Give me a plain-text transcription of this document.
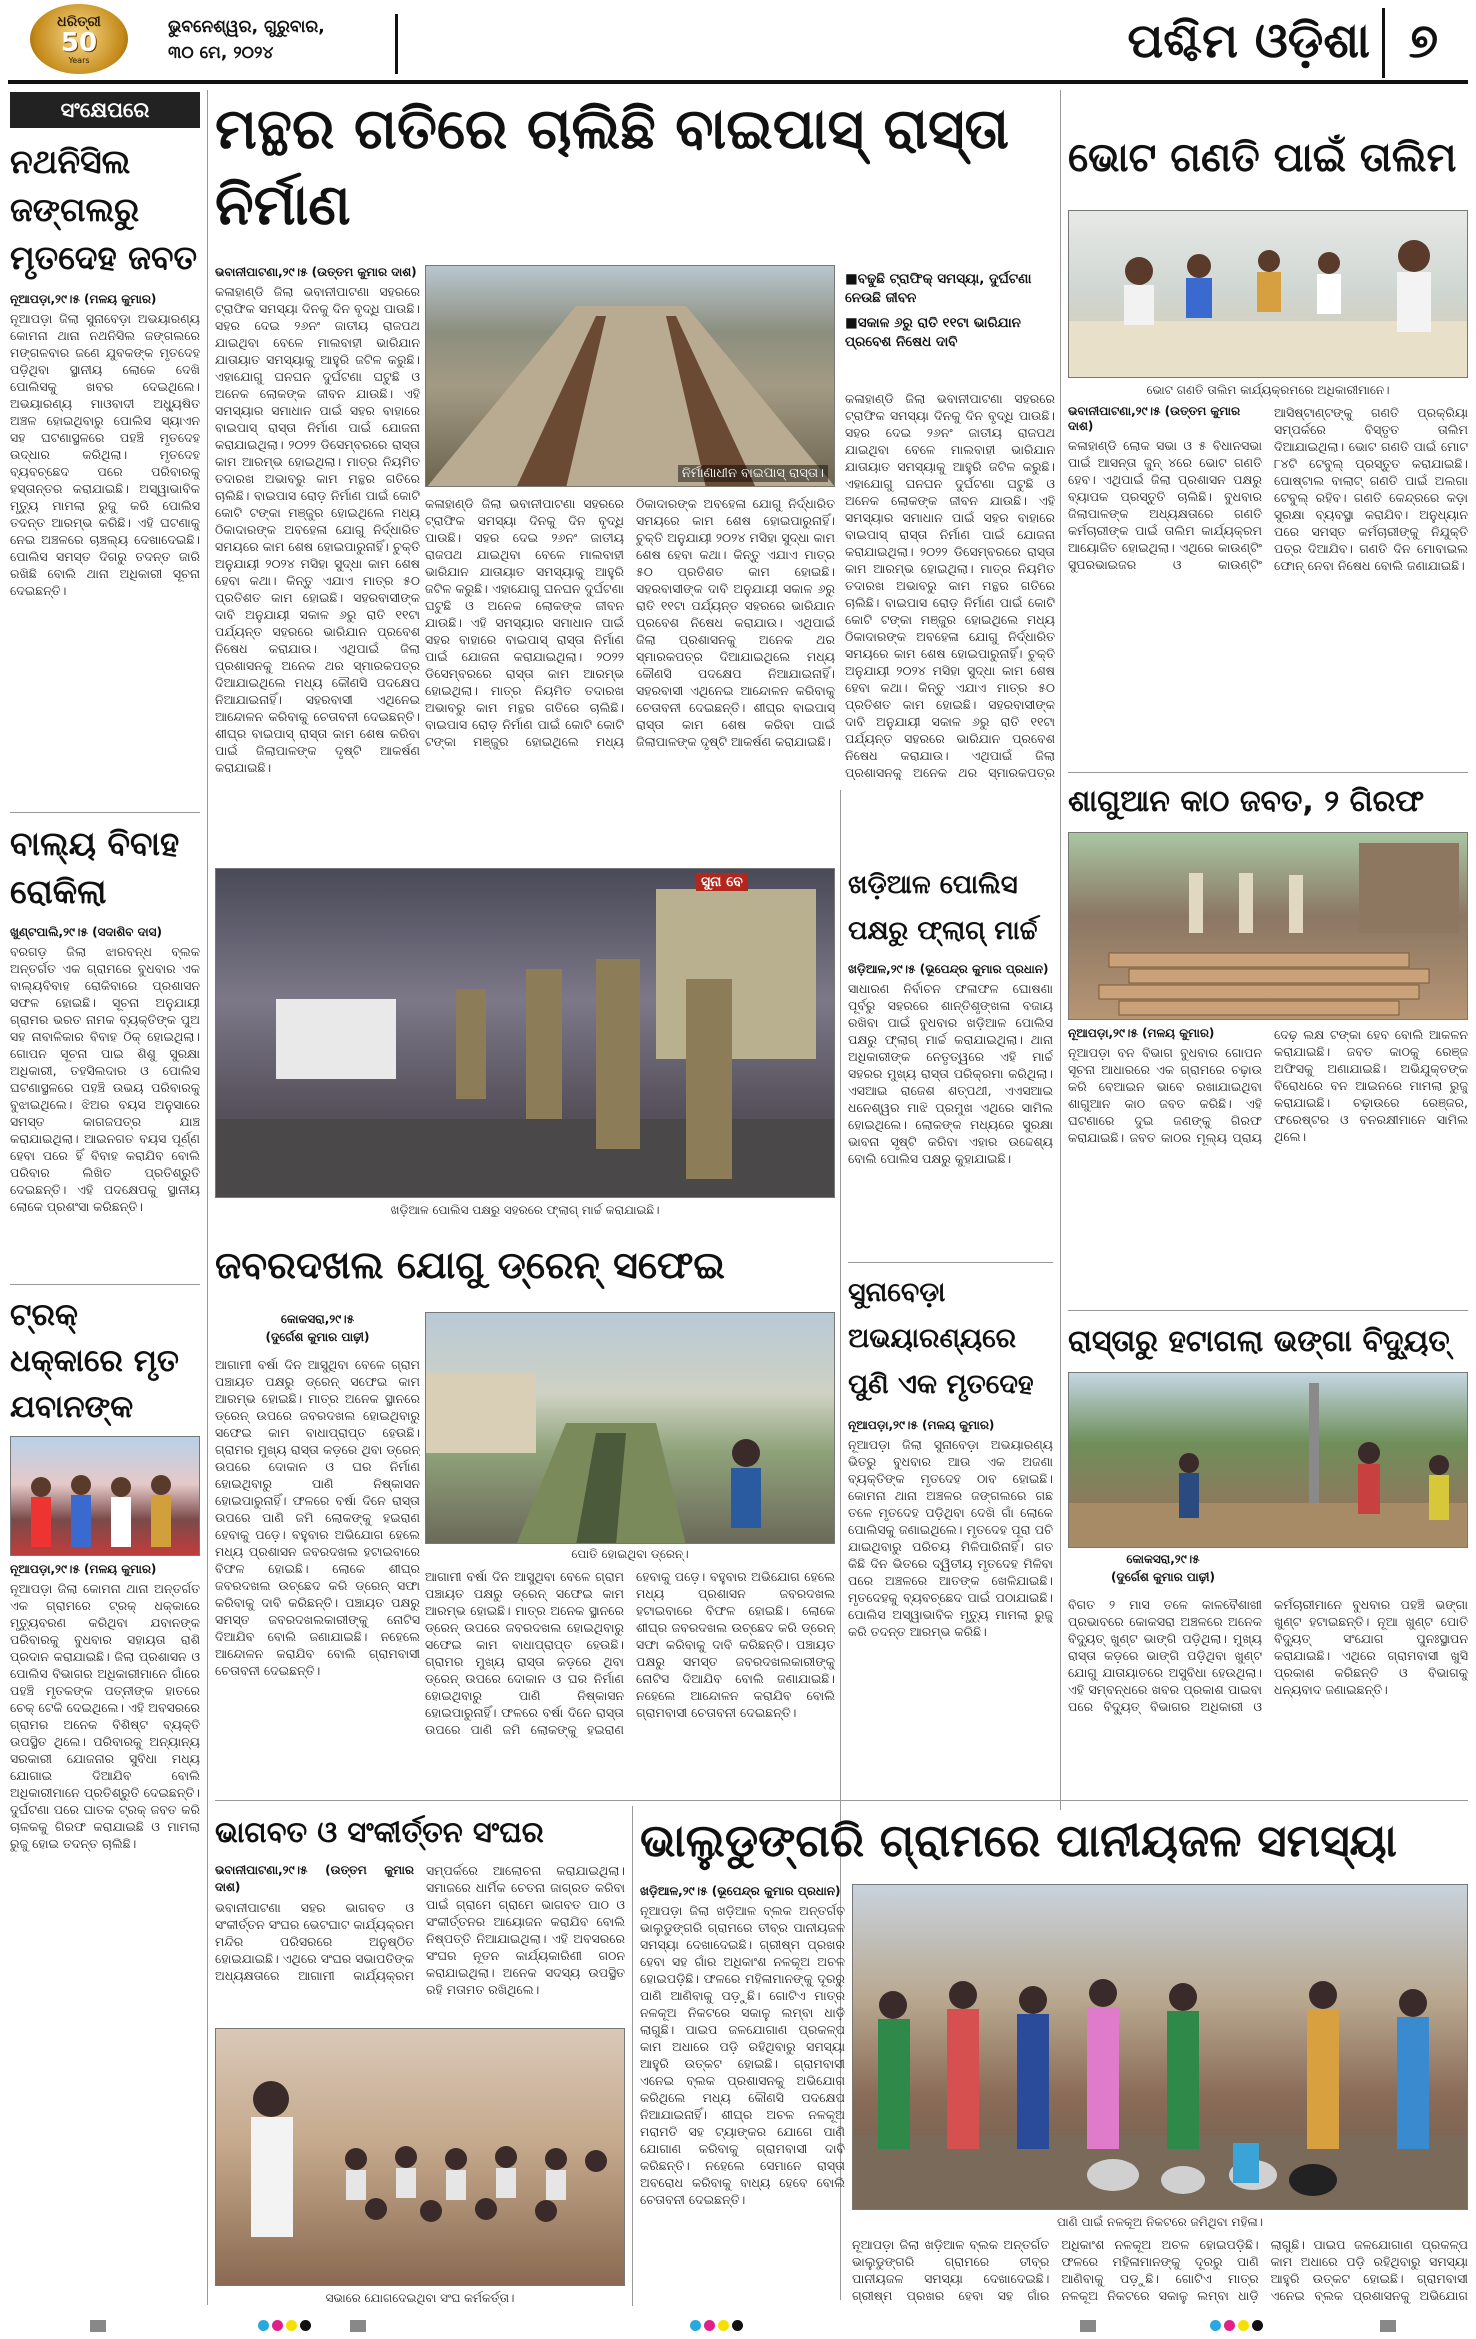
ଧରିତ୍ରୀ
50
Years
ଭୁବନେଶ୍ୱର, ଗୁରୁବାର,
୩୦ ମେ, ୨୦୨୪	ପଶ୍ଚିମ ଓଡ଼ିଶା ୭
ସଂକ୍ଷେପରେ
ନଥନିସିଲ ଜଙ୍ଗଲରୁ ମୃତଦେହ ଜବତ
ନୂଆପଡ଼ା,୨୯।୫ (ମଳୟ କୁମାର)
ନୂଆପଡ଼ା ଜିଲା ସୁନାବେଡ଼ା ଅଭୟାରଣ୍ୟ କୋମନା ଥାନା ନଥନିସିଲ ଜଙ୍ଗଲରେ ମଙ୍ଗଳବାର ଜଣେ ଯୁବକଙ୍କ ମୃତଦେହ ପଡ଼ିଥିବା ସ୍ଥାନୀୟ ଲୋକେ ଦେଖି ପୋଲିସକୁ ଖବର ଦେଇଥିଲେ। ଅଭୟାରଣ୍ୟ ମାଓବାଦୀ ଅଧ୍ୟୁଷିତ ଅଞ୍ଚଳ ହୋଇଥିବାରୁ ପୋଲିସ ସ୍ୟାଏନ ସହ ଘଟଣାସ୍ଥଳରେ ପହଞ୍ଚି ମୃତଦେହ ଉଦ୍ଧାର କରିଥିଲା। ମୃତଦେହ ବ୍ୟବଚ୍ଛେଦ ପରେ ପରିବାରକୁ ହସ୍ତାନ୍ତର କରାଯାଇଛି। ଅସ୍ୱାଭାବିକ ମୃତ୍ୟୁ ମାମଲା ରୁଜୁ କରି ପୋଲିସ ତଦନ୍ତ ଆରମ୍ଭ କରିଛି। ଏହି ଘଟଣାକୁ ନେଇ ଅଞ୍ଚଳରେ ଚାଞ୍ଚଲ୍ୟ ଦେଖାଦେଇଛି। ପୋଲିସ ସମସ୍ତ ଦିଗରୁ ତଦନ୍ତ ଜାରି ରଖିଛି ବୋଲି ଥାନା ଅଧିକାରୀ ସୂଚନା ଦେଇଛନ୍ତି।
ବାଲ୍ୟ ବିବାହ ରୋକିଲା
ଖୁଣ୍ଟପାଲି,୨୯।୫ (ସଦାଶିବ ଦାସ)
ବରଗଡ଼ ଜିଲା ଝାରବନ୍ଧ ବ୍ଲକ ଅନ୍ତର୍ଗତ ଏକ ଗ୍ରାମରେ ବୁଧବାର ଏକ ବାଲ୍ୟବିବାହ ରୋକିବାରେ ପ୍ରଶାସନ ସଫଳ ହୋଇଛି। ସୂଚନା ଅନୁଯାୟୀ ଗ୍ରାମର ଭରତ ନାମକ ବ୍ୟକ୍ତିଙ୍କ ପୁଅ ସହ ନାବାଳିକାର ବିବାହ ଠିକ୍ ହୋଇଥିଲା। ଗୋପନ ସୂଚନା ପାଇ ଶିଶୁ ସୁରକ୍ଷା ଅଧିକାରୀ, ତହସିଲଦାର ଓ ପୋଲିସ ଘଟଣାସ୍ଥଳରେ ପହଞ୍ଚି ଉଭୟ ପରିବାରକୁ ବୁଝାଇଥିଲେ। ଝିଅର ବୟସ ଅନୁସାରେ ସମସ୍ତ କାଗଜପତ୍ର ଯାଞ୍ଚ କରାଯାଇଥିଲା। ଆଇନଗତ ବୟସ ପୂର୍ଣ୍ଣ ହେବା ପରେ ହିଁ ବିବାହ କରାଯିବ ବୋଲି ପରିବାର ଲିଖିତ ପ୍ରତିଶ୍ରୁତି ଦେଇଛନ୍ତି। ଏହି ପଦକ୍ଷେପକୁ ସ୍ଥାନୀୟ ଲୋକେ ପ୍ରଶଂସା କରିଛନ୍ତି।
ଟ୍ରକ୍ ଧକ୍କାରେ ମୃତ ଯବାନଙ୍କ
ନୂଆପଡ଼ା,୨୯।୫ (ମଳୟ କୁମାର)
ନୂଆପଡ଼ା ଜିଲା କୋମନା ଥାନା ଅନ୍ତର୍ଗତ ଏକ ଗ୍ରାମରେ ଟ୍ରକ୍ ଧକ୍କାରେ ମୃତ୍ୟୁବରଣ କରିଥିବା ଯବାନଙ୍କ ପରିବାରକୁ ବୁଧବାର ସହାୟତା ରାଶି ପ୍ରଦାନ କରାଯାଇଛି। ଜିଲା ପ୍ରଶାସନ ଓ ପୋଲିସ ବିଭାଗର ଅଧିକାରୀମାନେ ଗାଁରେ ପହଞ୍ଚି ମୃତକଙ୍କ ପତ୍ନୀଙ୍କ ହାତରେ ଚେକ୍ ଟେକି ଦେଇଥିଲେ। ଏହି ଅବସରରେ ଗ୍ରାମର ଅନେକ ବିଶିଷ୍ଟ ବ୍ୟକ୍ତି ଉପସ୍ଥିତ ଥିଲେ। ପରିବାରକୁ ଅନ୍ୟାନ୍ୟ ସରକାରୀ ଯୋଜନାର ସୁବିଧା ମଧ୍ୟ ଯୋଗାଇ ଦିଆଯିବ ବୋଲି ଅଧିକାରୀମାନେ ପ୍ରତିଶ୍ରୁତି ଦେଇଛନ୍ତି। ଦୁର୍ଘଟଣା ପରେ ଘାତକ ଟ୍ରକ୍ ଜବତ କରି ଚାଳକକୁ ଗିରଫ କରାଯାଇଛି ଓ ମାମଲା ରୁଜୁ ହୋଇ ତଦନ୍ତ ଚାଲିଛି।
ମନ୍ଥର ଗତିରେ ଚାଲିଛି ବାଇପାସ୍ ରାସ୍ତା ନିର୍ମାଣ
ନିର୍ମାଣାଧୀନ ବାଇପାସ୍ ରାସ୍ତା।
■ ବଢୁଛି ଟ୍ରାଫିକ୍ ସମସ୍ୟା, ଦୁର୍ଘଟଣା ନେଉଛି ଜୀବନ
■ ସକାଳ ୬ରୁ ରାତି ୧୧ଟା ଭାରିଯାନ ପ୍ରବେଶ ନିଷେଧ ଦାବି
ଭବାନୀପାଟଣା,୨୯।୫ (ଉତ୍ତମ କୁମାର ଦାଶ)
କଳାହାଣ୍ଡି ଜିଲା ଭବାନୀପାଟଣା ସହରରେ ଟ୍ରାଫିକ ସମସ୍ୟା ଦିନକୁ ଦିନ ବୃଦ୍ଧି ପାଉଛି। ସହର ଦେଇ ୨୬ନଂ ଜାତୀୟ ରାଜପଥ ଯାଇଥିବା ବେଳେ ମାଲବାହୀ ଭାରିଯାନ ଯାତାୟାତ ସମସ୍ୟାକୁ ଆହୁରି ଜଟିଳ କରୁଛି। ଏହାଯୋଗୁ ଘନଘନ ଦୁର୍ଘଟଣା ଘଟୁଛି ଓ ଅନେକ ଲୋକଙ୍କ ଜୀବନ ଯାଉଛି। ଏହି ସମସ୍ୟାର ସମାଧାନ ପାଇଁ ସହର ବାହାରେ ବାଇପାସ୍ ରାସ୍ତା ନିର୍ମାଣ ପାଇଁ ଯୋଜନା କରାଯାଇଥିଲା। ୨୦୨୨ ଡିସେମ୍ବରରେ ରାସ୍ତା କାମ ଆରମ୍ଭ ହୋଇଥିଲା। ମାତ୍ର ନିୟମିତ ତଦାରଖ ଅଭାବରୁ କାମ ମନ୍ଥର ଗତିରେ ଚାଲିଛି। ବାଇପାସ ରୋଡ଼ ନିର୍ମାଣ ପାଇଁ କୋଟି କୋଟି ଟଙ୍କା ମଞ୍ଜୁର ହୋଇଥିଲେ ମଧ୍ୟ ଠିକାଦାରଙ୍କ ଅବହେଳା ଯୋଗୁ ନିର୍ଦ୍ଧାରିତ ସମୟରେ କାମ ଶେଷ ହୋଇପାରୁନାହିଁ। ଚୁକ୍ତି ଅନୁଯାୟୀ ୨୦୨୪ ମସିହା ସୁଦ୍ଧା କାମ ଶେଷ ହେବା କଥା। କିନ୍ତୁ ଏଯାଏ ମାତ୍ର ୫୦ ପ୍ରତିଶତ କାମ ହୋଇଛି। ସହରବାସୀଙ୍କ ଦାବି ଅନୁଯାୟୀ ସକାଳ ୬ରୁ ରାତି ୧୧ଟା ପର୍ଯ୍ୟନ୍ତ ସହରରେ ଭାରିଯାନ ପ୍ରବେଶ ନିଷେଧ କରାଯାଉ। ଏଥିପାଇଁ ଜିଲା ପ୍ରଶାସନକୁ ଅନେକ ଥର ସ୍ମାରକପତ୍ର ଦିଆଯାଇଥିଲେ ମଧ୍ୟ କୌଣସି ପଦକ୍ଷେପ ନିଆଯାଇନାହିଁ। ସହରବାସୀ ଏଥିନେଇ ଆନ୍ଦୋଳନ କରିବାକୁ ଚେତାବନୀ ଦେଇଛନ୍ତି। ଶୀଘ୍ର ବାଇପାସ୍ ରାସ୍ତା କାମ ଶେଷ କରିବା ପାଇଁ ଜିଲାପାଳଙ୍କ ଦୃଷ୍ଟି ଆକର୍ଷଣ କରାଯାଇଛି।
କଳାହାଣ୍ଡି ଜିଲା ଭବାନୀପାଟଣା ସହରରେ ଟ୍ରାଫିକ ସମସ୍ୟା ଦିନକୁ ଦିନ ବୃଦ୍ଧି ପାଉଛି। ସହର ଦେଇ ୨୬ନଂ ଜାତୀୟ ରାଜପଥ ଯାଇଥିବା ବେଳେ ମାଲବାହୀ ଭାରିଯାନ ଯାତାୟାତ ସମସ୍ୟାକୁ ଆହୁରି ଜଟିଳ କରୁଛି। ଏହାଯୋଗୁ ଘନଘନ ଦୁର୍ଘଟଣା ଘଟୁଛି ଓ ଅନେକ ଲୋକଙ୍କ ଜୀବନ ଯାଉଛି। ଏହି ସମସ୍ୟାର ସମାଧାନ ପାଇଁ ସହର ବାହାରେ ବାଇପାସ୍ ରାସ୍ତା ନିର୍ମାଣ ପାଇଁ ଯୋଜନା କରାଯାଇଥିଲା। ୨୦୨୨ ଡିସେମ୍ବରରେ ରାସ୍ତା କାମ ଆରମ୍ଭ ହୋଇଥିଲା। ମାତ୍ର ନିୟମିତ ତଦାରଖ ଅଭାବରୁ କାମ ମନ୍ଥର ଗତିରେ ଚାଲିଛି। ବାଇପାସ ରୋଡ଼ ନିର୍ମାଣ ପାଇଁ କୋଟି କୋଟି ଟଙ୍କା ମଞ୍ଜୁର ହୋଇଥିଲେ ମଧ୍ୟ ଠିକାଦାରଙ୍କ ଅବହେଳା ଯୋଗୁ ନିର୍ଦ୍ଧାରିତ ସମୟରେ କାମ ଶେଷ ହୋଇପାରୁନାହିଁ। ଚୁକ୍ତି ଅନୁଯାୟୀ ୨୦୨୪ ମସିହା ସୁଦ୍ଧା କାମ ଶେଷ ହେବା କଥା। କିନ୍ତୁ ଏଯାଏ ମାତ୍ର ୫୦ ପ୍ରତିଶତ କାମ ହୋଇଛି। ସହରବାସୀଙ୍କ ଦାବି ଅନୁଯାୟୀ ସକାଳ ୬ରୁ ରାତି ୧୧ଟା ପର୍ଯ୍ୟନ୍ତ ସହରରେ ଭାରିଯାନ ପ୍ରବେଶ ନିଷେଧ କରାଯାଉ। ଏଥିପାଇଁ ଜିଲା ପ୍ରଶାସନକୁ ଅନେକ ଥର ସ୍ମାରକପତ୍ର ଦିଆଯାଇଥିଲେ ମଧ୍ୟ କୌଣସି ପଦକ୍ଷେପ ନିଆଯାଇନାହିଁ। ସହରବାସୀ ଏଥିନେଇ ଆନ୍ଦୋଳନ କରିବାକୁ ଚେତାବନୀ ଦେଇଛନ୍ତି। ଶୀଘ୍ର ବାଇପାସ୍ ରାସ୍ତା କାମ ଶେଷ କରିବା ପାଇଁ ଜିଲାପାଳଙ୍କ ଦୃଷ୍ଟି ଆକର୍ଷଣ କରାଯାଇଛି।
କଳାହାଣ୍ଡି ଜିଲା ଭବାନୀପାଟଣା ସହରରେ ଟ୍ରାଫିକ ସମସ୍ୟା ଦିନକୁ ଦିନ ବୃଦ୍ଧି ପାଉଛି। ସହର ଦେଇ ୨୬ନଂ ଜାତୀୟ ରାଜପଥ ଯାଇଥିବା ବେଳେ ମାଲବାହୀ ଭାରିଯାନ ଯାତାୟାତ ସମସ୍ୟାକୁ ଆହୁରି ଜଟିଳ କରୁଛି। ଏହାଯୋଗୁ ଘନଘନ ଦୁର୍ଘଟଣା ଘଟୁଛି ଓ ଅନେକ ଲୋକଙ୍କ ଜୀବନ ଯାଉଛି। ଏହି ସମସ୍ୟାର ସମାଧାନ ପାଇଁ ସହର ବାହାରେ ବାଇପାସ୍ ରାସ୍ତା ନିର୍ମାଣ ପାଇଁ ଯୋଜନା କରାଯାଇଥିଲା। ୨୦୨୨ ଡିସେମ୍ବରରେ ରାସ୍ତା କାମ ଆରମ୍ଭ ହୋଇଥିଲା। ମାତ୍ର ନିୟମିତ ତଦାରଖ ଅଭାବରୁ କାମ ମନ୍ଥର ଗତିରେ ଚାଲିଛି। ବାଇପାସ ରୋଡ଼ ନିର୍ମାଣ ପାଇଁ କୋଟି କୋଟି ଟଙ୍କା ମଞ୍ଜୁର ହୋଇଥିଲେ ମଧ୍ୟ ଠିକାଦାରଙ୍କ ଅବହେଳା ଯୋଗୁ ନିର୍ଦ୍ଧାରିତ ସମୟରେ କାମ ଶେଷ ହୋଇପାରୁନାହିଁ। ଚୁକ୍ତି ଅନୁଯାୟୀ ୨୦୨୪ ମସିହା ସୁଦ୍ଧା କାମ ଶେଷ ହେବା କଥା। କିନ୍ତୁ ଏଯାଏ ମାତ୍ର ୫୦ ପ୍ରତିଶତ କାମ ହୋଇଛି। ସହରବାସୀଙ୍କ ଦାବି ଅନୁଯାୟୀ ସକାଳ ୬ରୁ ରାତି ୧୧ଟା ପର୍ଯ୍ୟନ୍ତ ସହରରେ ଭାରିଯାନ ପ୍ରବେଶ ନିଷେଧ କରାଯାଉ। ଏଥିପାଇଁ ଜିଲା ପ୍ରଶାସନକୁ ଅନେକ ଥର ସ୍ମାରକପତ୍ର
ଭୋଟ ଗଣତି ପାଇଁ ତାଲିମ
ଭୋଟ ଗଣତି ତାଲିମ କାର୍ଯ୍ୟକ୍ରମରେ ଅଧିକାରୀମାନେ।
ଭବାନୀପାଟଣା,୨୯।୫ (ଉତ୍ତମ କୁମାର ଦାଶ)
କଳାହାଣ୍ଡି ଲୋକ ସଭା ଓ ୫ ବିଧାନସଭା ପାଇଁ ଆସନ୍ତା ଜୁନ୍ ୪ରେ ଭୋଟ ଗଣତି ହେବ। ଏଥିପାଇଁ ଜିଲା ପ୍ରଶାସନ ପକ୍ଷରୁ ବ୍ୟାପକ ପ୍ରସ୍ତୁତି ଚାଲିଛି। ବୁଧବାର ଜିଲାପାଳଙ୍କ ଅଧ୍ୟକ୍ଷତାରେ ଗଣତି କର୍ମଚାରୀଙ୍କ ପାଇଁ ତାଲିମ କାର୍ଯ୍ୟକ୍ରମ ଆୟୋଜିତ ହୋଇଥିଲା। ଏଥିରେ କାଉଣ୍ଟିଂ ସୁପରଭାଇଜର ଓ କାଉଣ୍ଟିଂ ଆସିଷ୍ଟାଣ୍ଟଙ୍କୁ ଗଣତି ପ୍ରକ୍ରିୟା ସମ୍ପର୍କରେ ବିସ୍ତୃତ ତାଲିମ ଦିଆଯାଇଥିଲା। ଭୋଟ ଗଣତି ପାଇଁ ମୋଟ ୮୪ଟି ଟେବୁଲ୍ ପ୍ରସ୍ତୁତ କରାଯାଇଛି। ପୋଷ୍ଟାଲ ବାଲାଟ୍ ଗଣତି ପାଇଁ ଅଲଗା ଟେବୁଲ୍ ରହିବ। ଗଣତି କେନ୍ଦ୍ରରେ କଡ଼ା ସୁରକ୍ଷା ବ୍ୟବସ୍ଥା କରାଯିବ। ଅନୁଧ୍ୟାନ ପରେ ସମସ୍ତ କର୍ମଚାରୀଙ୍କୁ ନିଯୁକ୍ତି ପତ୍ର ଦିଆଯିବ। ଗଣତି ଦିନ ମୋବାଇଲ ଫୋନ୍ ନେବା ନିଷେଧ ବୋଲି ଜଣାଯାଇଛି।
ଶାଗୁଆନ କାଠ ଜବତ, ୨ ଗିରଫ
ନୂଆପଡ଼ା,୨୯।୫ (ମଳୟ କୁମାର)
ନୂଆପଡ଼ା ବନ ବିଭାଗ ବୁଧବାର ଗୋପନ ସୂଚନା ଆଧାରରେ ଏକ ଗ୍ରାମରେ ଚଢ଼ାଉ କରି ବେଆଇନ ଭାବେ ରଖାଯାଇଥିବା ଶାଗୁଆନ କାଠ ଜବତ କରିଛି। ଏହି ଘଟଣାରେ ଦୁଇ ଜଣଙ୍କୁ ଗିରଫ କରାଯାଇଛି। ଜବତ କାଠର ମୂଲ୍ୟ ପ୍ରାୟ ଦେଢ଼ ଲକ୍ଷ ଟଙ୍କା ହେବ ବୋଲି ଆକଳନ କରାଯାଇଛି। ଜବତ କାଠକୁ ରେଞ୍ଜ ଅଫିସକୁ ଅଣାଯାଇଛି। ଅଭିଯୁକ୍ତଙ୍କ ବିରୋଧରେ ବନ ଆଇନରେ ମାମଲା ରୁଜୁ କରାଯାଇଛି। ଚଢ଼ାଉରେ ରେଞ୍ଜର, ଫରେଷ୍ଟର ଓ ବନରକ୍ଷୀମାନେ ସାମିଲ ଥିଲେ।
ସୁନା ବେ
ଖଡ଼ିଆଳ ପୋଲିସ ପକ୍ଷରୁ ସହରରେ ଫ୍ଲାଗ୍ ମାର୍ଚ୍ଚ କରାଯାଇଛି।
ଖଡ଼ିଆଳ ପୋଲିସ ପକ୍ଷରୁ ଫ୍ଲାଗ୍ ମାର୍ଚ୍ଚ
ଖଡ଼ିଆଳ,୨୯।୫ (ଭୂପେନ୍ଦ୍ର କୁମାର ପ୍ରଧାନ)
ସାଧାରଣ ନିର୍ବାଚନ ଫଳାଫଳ ଘୋଷଣା ପୂର୍ବରୁ ସହରରେ ଶାନ୍ତିଶୃଙ୍ଖଳା ବଜାୟ ରଖିବା ପାଇଁ ବୁଧବାର ଖଡ଼ିଆଳ ପୋଲିସ ପକ୍ଷରୁ ଫ୍ଲାଗ୍ ମାର୍ଚ୍ଚ କରାଯାଇଥିଲା। ଥାନା ଅଧିକାରୀଙ୍କ ନେତୃତ୍ୱରେ ଏହି ମାର୍ଚ୍ଚ ସହରର ମୁଖ୍ୟ ରାସ୍ତା ପରିକ୍ରମା କରିଥିଲା। ଏସଆଇ ରାଜେଶ ଶତ୍ପଥୀ, ଏଏସଆଇ ଧନେଶ୍ୱର ମାଝି ପ୍ରମୁଖ ଏଥିରେ ସାମିଲ ହୋଇଥିଲେ। ଲୋକଙ୍କ ମଧ୍ୟରେ ସୁରକ୍ଷା ଭାବନା ସୃଷ୍ଟି କରିବା ଏହାର ଉଦ୍ଦେଶ୍ୟ ବୋଲି ପୋଲିସ ପକ୍ଷରୁ କୁହାଯାଇଛି।
ଜବରଦଖଲ ଯୋଗୁ ଡ୍ରେନ୍ ସଫେଇ
କୋକସରା,୨୯।୫
(ଦୁର୍ଗେଶ କୁମାର ପାଢ଼ୀ)
ପୋତି ହୋଇଥିବା ଡ୍ରେନ୍।
ଆଗାମୀ ବର୍ଷା ଦିନ ଆସୁଥିବା ବେଳେ ଗ୍ରାମ ପଞ୍ଚାୟତ ପକ୍ଷରୁ ଡ୍ରେନ୍ ସଫେଇ କାମ ଆରମ୍ଭ ହୋଇଛି। ମାତ୍ର ଅନେକ ସ୍ଥାନରେ ଡ୍ରେନ୍ ଉପରେ ଜବରଦଖଲ ହୋଇଥିବାରୁ ସଫେଇ କାମ ବାଧାପ୍ରାପ୍ତ ହେଉଛି। ଗ୍ରାମର ମୁଖ୍ୟ ରାସ୍ତା କଡ଼ରେ ଥିବା ଡ୍ରେନ୍ ଉପରେ ଦୋକାନ ଓ ଘର ନିର୍ମାଣ ହୋଇଥିବାରୁ ପାଣି ନିଷ୍କାସନ ହୋଇପାରୁନାହିଁ। ଫଳରେ ବର୍ଷା ଦିନେ ରାସ୍ତା ଉପରେ ପାଣି ଜମି ଲୋକଙ୍କୁ ହଇରାଣ ହେବାକୁ ପଡ଼େ। ବହୁବାର ଅଭିଯୋଗ ହେଲେ ମଧ୍ୟ ପ୍ରଶାସନ ଜବରଦଖଲ ହଟାଇବାରେ ବିଫଳ ହୋଇଛି। ଲୋକେ ଶୀଘ୍ର ଜବରଦଖଲ ଉଚ୍ଛେଦ କରି ଡ୍ରେନ୍ ସଫା କରିବାକୁ ଦାବି କରିଛନ୍ତି। ପଞ୍ଚାୟତ ପକ୍ଷରୁ ସମସ୍ତ ଜବରଦଖଲକାରୀଙ୍କୁ ନୋଟିସ ଦିଆଯିବ ବୋଲି ଜଣାଯାଇଛି। ନହେଲେ ଆନ୍ଦୋଳନ କରାଯିବ ବୋଲି ଗ୍ରାମବାସୀ ଚେତାବନୀ ଦେଇଛନ୍ତି।
ଆଗାମୀ ବର୍ଷା ଦିନ ଆସୁଥିବା ବେଳେ ଗ୍ରାମ ପଞ୍ଚାୟତ ପକ୍ଷରୁ ଡ୍ରେନ୍ ସଫେଇ କାମ ଆରମ୍ଭ ହୋଇଛି। ମାତ୍ର ଅନେକ ସ୍ଥାନରେ ଡ୍ରେନ୍ ଉପରେ ଜବରଦଖଲ ହୋଇଥିବାରୁ ସଫେଇ କାମ ବାଧାପ୍ରାପ୍ତ ହେଉଛି। ଗ୍ରାମର ମୁଖ୍ୟ ରାସ୍ତା କଡ଼ରେ ଥିବା ଡ୍ରେନ୍ ଉପରେ ଦୋକାନ ଓ ଘର ନିର୍ମାଣ ହୋଇଥିବାରୁ ପାଣି ନିଷ୍କାସନ ହୋଇପାରୁନାହିଁ। ଫଳରେ ବର୍ଷା ଦିନେ ରାସ୍ତା ଉପରେ ପାଣି ଜମି ଲୋକଙ୍କୁ ହଇରାଣ ହେବାକୁ ପଡ଼େ। ବହୁବାର ଅଭିଯୋଗ ହେଲେ ମଧ୍ୟ ପ୍ରଶାସନ ଜବରଦଖଲ ହଟାଇବାରେ ବିଫଳ ହୋଇଛି। ଲୋକେ ଶୀଘ୍ର ଜବରଦଖଲ ଉଚ୍ଛେଦ କରି ଡ୍ରେନ୍ ସଫା କରିବାକୁ ଦାବି କରିଛନ୍ତି। ପଞ୍ଚାୟତ ପକ୍ଷରୁ ସମସ୍ତ ଜବରଦଖଲକାରୀଙ୍କୁ ନୋଟିସ ଦିଆଯିବ ବୋଲି ଜଣାଯାଇଛି। ନହେଲେ ଆନ୍ଦୋଳନ କରାଯିବ ବୋଲି ଗ୍ରାମବାସୀ ଚେତାବନୀ ଦେଇଛନ୍ତି।
ସୁନାବେଡ଼ା ଅଭୟାରଣ୍ୟରେ ପୁଣି ଏକ ମୃତଦେହ
ନୂଆପଡ଼ା,୨୯।୫ (ମଳୟ କୁମାର)
ନୂଆପଡ଼ା ଜିଲା ସୁନାବେଡ଼ା ଅଭୟାରଣ୍ୟ ଭିତରୁ ବୁଧବାର ଆଉ ଏକ ଅଜଣା ବ୍ୟକ୍ତିଙ୍କ ମୃତଦେହ ଠାବ ହୋଇଛି। କୋମନା ଥାନା ଅଞ୍ଚଳର ଜଙ୍ଗଲରେ ଗଛ ତଳେ ମୃତଦେହ ପଡ଼ିଥିବା ଦେଖି ଗାଁ ଲୋକେ ପୋଲିସକୁ ଜଣାଇଥିଲେ। ମୃତଦେହ ପୂରା ପଚି ଯାଇଥିବାରୁ ପରିଚୟ ମିଳିପାରିନାହିଁ। ଗତ କିଛି ଦିନ ଭିତରେ ଦ୍ୱିତୀୟ ମୃତଦେହ ମିଳିବା ପରେ ଅଞ୍ଚଳରେ ଆତଙ୍କ ଖେଳିଯାଇଛି। ମୃତଦେହକୁ ବ୍ୟବଚ୍ଛେଦ ପାଇଁ ପଠାଯାଇଛି। ପୋଲିସ ଅସ୍ୱାଭାବିକ ମୃତ୍ୟୁ ମାମଲା ରୁଜୁ କରି ତଦନ୍ତ ଆରମ୍ଭ କରିଛି।
ରାସ୍ତାରୁ ହଟାଗଲା ଭଙ୍ଗା ବିଦ୍ୟୁତ୍
କୋକସରା,୨୯।୫
(ଦୁର୍ଗେଶ କୁମାର ପାଢ଼ୀ)
ବିଗତ ୨ ମାସ ତଳେ କାଳବୈଶାଖୀ ପ୍ରଭାବରେ କୋକସରା ଅଞ୍ଚଳରେ ଅନେକ ବିଦ୍ୟୁତ୍ ଖୁଣ୍ଟ ଭାଙ୍ଗି ପଡ଼ିଥିଲା। ମୁଖ୍ୟ ରାସ୍ତା କଡ଼ରେ ଭାଙ୍ଗି ପଡ଼ିଥିବା ଖୁଣ୍ଟ ଯୋଗୁ ଯାତାୟାତରେ ଅସୁବିଧା ହେଉଥିଲା। ଏହି ସମ୍ବନ୍ଧରେ ଖବର ପ୍ରକାଶ ପାଇବା ପରେ ବିଦ୍ୟୁତ୍ ବିଭାଗର ଅଧିକାରୀ ଓ କର୍ମଚାରୀମାନେ ବୁଧବାର ପହଞ୍ଚି ଭଙ୍ଗା ଖୁଣ୍ଟ ହଟାଇଛନ୍ତି। ନୂଆ ଖୁଣ୍ଟ ପୋତି ବିଦ୍ୟୁତ୍ ସଂଯୋଗ ପୁନଃସ୍ଥାପନ କରାଯାଇଛି। ଏଥିରେ ଗ୍ରାମବାସୀ ଖୁସି ପ୍ରକାଶ କରିଛନ୍ତି ଓ ବିଭାଗକୁ ଧନ୍ୟବାଦ ଜଣାଇଛନ୍ତି।
ଭାଗବତ ଓ ସଂକୀର୍ତ୍ତନ ସଂଘର
ଭବାନୀପାଟଣା,୨୯।୫ (ଉତ୍ତମ କୁମାର ଦାଶ)
ଭବାନୀପାଟଣା ସହର ଭାଗବତ ଓ ସଂକୀର୍ତ୍ତନ ସଂଘର ଭେଟଘାଟ କାର୍ଯ୍ୟକ୍ରମ ମନ୍ଦିର ପରିସରରେ ଅନୁଷ୍ଠିତ ହୋଇଯାଇଛି। ଏଥିରେ ସଂଘର ସଭାପତିଙ୍କ ଅଧ୍ୟକ୍ଷତାରେ ଆଗାମୀ କାର୍ଯ୍ୟକ୍ରମ ସମ୍ପର୍କରେ ଆଲୋଚନା କରାଯାଇଥିଲା। ସମାଜରେ ଧାର୍ମିକ ଚେତନା ଜାଗ୍ରତ କରିବା ପାଇଁ ଗ୍ରାମେ ଗ୍ରାମେ ଭାଗବତ ପାଠ ଓ ସଂକୀର୍ତ୍ତନର ଆୟୋଜନ କରାଯିବ ବୋଲି ନିଷ୍ପତ୍ତି ନିଆଯାଇଥିଲା। ଏହି ଅବସରରେ ସଂଘର ନୂତନ କାର୍ଯ୍ୟକାରିଣୀ ଗଠନ କରାଯାଇଥିଲା। ଅନେକ ସଦସ୍ୟ ଉପସ୍ଥିତ ରହି ମତାମତ ରଖିଥିଲେ।
ସଭାରେ ଯୋଗଦେଇଥିବା ସଂଘ କର୍ମକର୍ତ୍ତା।
ଭାଲୁଡୁଙ୍ଗରି ଗ୍ରାମରେ ପାନୀୟଜଳ ସମସ୍ୟା
ଖଡ଼ିଆଳ,୨୯।୫ (ଭୂପେନ୍ଦ୍ର କୁମାର ପ୍ରଧାନ)
ନୂଆପଡ଼ା ଜିଲା ଖଡ଼ିଆଳ ବ୍ଲକ ଅନ୍ତର୍ଗତ ଭାଲୁଡୁଙ୍ଗରି ଗ୍ରାମରେ ତୀବ୍ର ପାନୀୟଜଳ ସମସ୍ୟା ଦେଖାଦେଇଛି। ଗ୍ରୀଷ୍ମ ପ୍ରଖର ହେବା ସହ ଗାଁର ଅଧିକାଂଶ ନଳକୂଅ ଅଚଳ ହୋଇପଡ଼ିଛି। ଫଳରେ ମହିଳାମାନଙ୍କୁ ଦୂରରୁ ପାଣି ଆଣିବାକୁ ପଡ଼ୁଛି। ଗୋଟିଏ ମାତ୍ର ନଳକୂଅ ନିକଟରେ ସକାଳୁ ଲମ୍ବା ଧାଡ଼ି ଲାଗୁଛି। ପାଇପ ଜଳଯୋଗାଣ ପ୍ରକଳ୍ପ କାମ ଅଧାରେ ପଡ଼ି ରହିଥିବାରୁ ସମସ୍ୟା ଆହୁରି ଉତ୍କଟ ହୋଇଛି। ଗ୍ରାମବାସୀ ଏନେଇ ବ୍ଲକ ପ୍ରଶାସନକୁ ଅଭିଯୋଗ କରିଥିଲେ ମଧ୍ୟ କୌଣସି ପଦକ୍ଷେପ ନିଆଯାଇନାହିଁ। ଶୀଘ୍ର ଅଚଳ ନଳକୂଅ ମରାମତି ସହ ଟ୍ୟାଙ୍କର ଯୋଗେ ପାଣି ଯୋଗାଣ କରିବାକୁ ଗ୍ରାମବାସୀ ଦାବି କରିଛନ୍ତି। ନହେଲେ ସେମାନେ ରାସ୍ତା ଅବରୋଧ କରିବାକୁ ବାଧ୍ୟ ହେବେ ବୋଲି ଚେତାବନୀ ଦେଇଛନ୍ତି।
ପାଣି ପାଇଁ ନଳକୂଅ ନିକଟରେ ଜମିଥିବା ମହିଳା।
ନୂଆପଡ଼ା ଜିଲା ଖଡ଼ିଆଳ ବ୍ଲକ ଅନ୍ତର୍ଗତ ଭାଲୁଡୁଙ୍ଗରି ଗ୍ରାମରେ ତୀବ୍ର ପାନୀୟଜଳ ସମସ୍ୟା ଦେଖାଦେଇଛି। ଗ୍ରୀଷ୍ମ ପ୍ରଖର ହେବା ସହ ଗାଁର ଅଧିକାଂଶ ନଳକୂଅ ଅଚଳ ହୋଇପଡ଼ିଛି। ଫଳରେ ମହିଳାମାନଙ୍କୁ ଦୂରରୁ ପାଣି ଆଣିବାକୁ ପଡ଼ୁଛି। ଗୋଟିଏ ମାତ୍ର ନଳକୂଅ ନିକଟରେ ସକାଳୁ ଲମ୍ବା ଧାଡ଼ି ଲାଗୁଛି। ପାଇପ ଜଳଯୋଗାଣ ପ୍ରକଳ୍ପ କାମ ଅଧାରେ ପଡ଼ି ରହିଥିବାରୁ ସମସ୍ୟା ଆହୁରି ଉତ୍କଟ ହୋଇଛି। ଗ୍ରାମବାସୀ ଏନେଇ ବ୍ଲକ ପ୍ରଶାସନକୁ ଅଭିଯୋଗ
